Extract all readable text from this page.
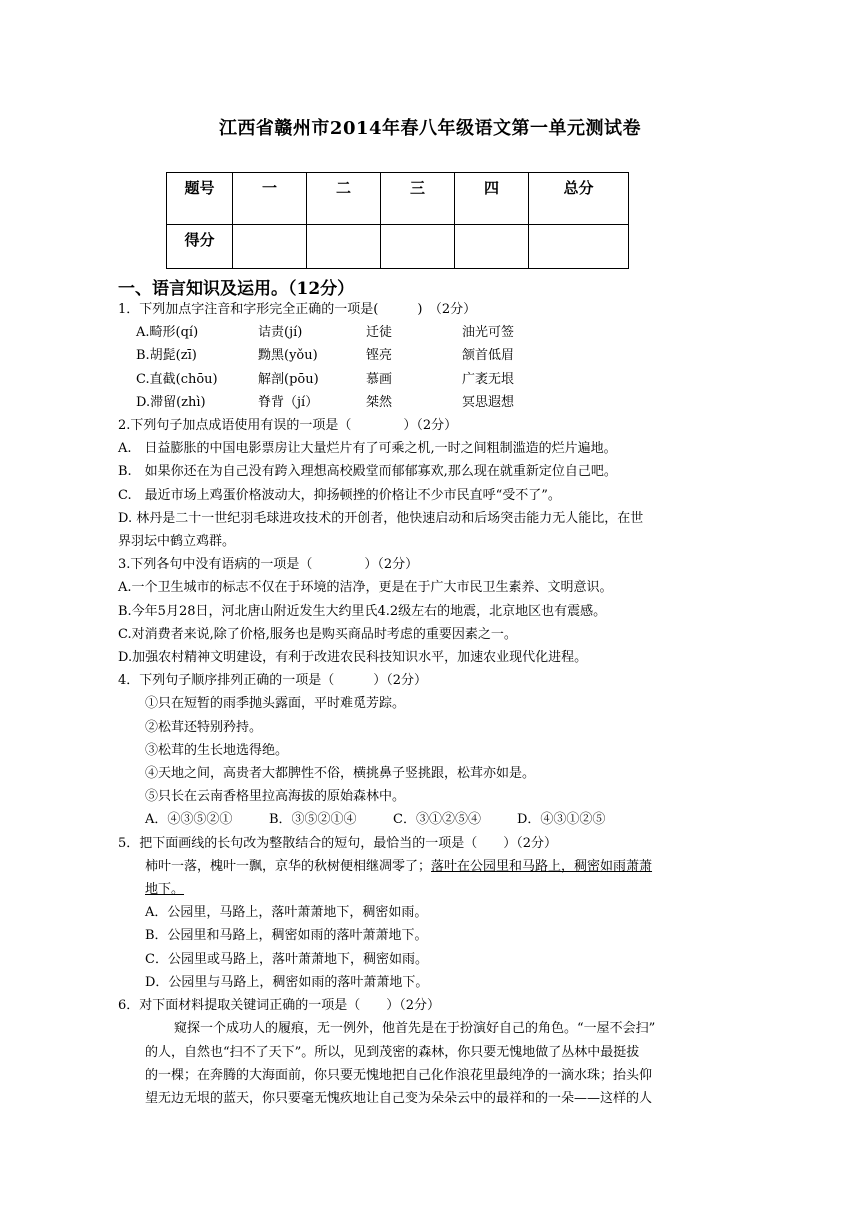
江西省赣州市2014年春八年级语文第一单元测试卷
题号	一	二	三	四	总分
得分					
一、语言知识及运用。（12分）

1．下列加点字注音和字形完全正确的一项是(　　　)　（2分）

A.畸形(qí)	诘责(jí)	迁徒	油光可签

B.胡髭(zī)	黝黑(yǒu)	铿亮	颔首低眉

C.直截(chōu)	解剖(pōu)	慕画	广袤无垠

D.滞留(zhì)	脊背（jí）	桀然	冥思遐想

2.下列句子加点成语使用有误的一项是（　　　　）（2分）

A.　日益膨胀的中国电影票房让大量烂片有了可乘之机,一时之间粗制滥造的烂片遍地。

B.　如果你还在为自己没有跨入理想高校殿堂而郁郁寡欢,那么现在就重新定位自己吧。

C.　最近市场上鸡蛋价格波动大，抑扬顿挫的价格让不少市民直呼“受不了”。

D. 林丹是二十一世纪羽毛球进攻技术的开创者，他快速启动和后场突击能力无人能比，在世

界羽坛中鹤立鸡群。

3.下列各句中没有语病的一项是（　　　　）（2分）

A.一个卫生城市的标志不仅在于环境的洁净，更是在于广大市民卫生素养、文明意识。

B.今年5月28日，河北唐山附近发生大约里氏4.2级左右的地震，北京地区也有震感。

C.对消费者来说,除了价格,服务也是购买商品时考虑的重要因素之一。

D.加强农村精神文明建设，有利于改进农民科技知识水平，加速农业现代化进程。

4．下列句子顺序排列正确的一项是（　　　）（2分）

①只在短暂的雨季抛头露面，平时难觅芳踪。

②松茸还特别矜持。

③松茸的生长地选得绝。

④天地之间，高贵者大都脾性不俗，横挑鼻子竖挑跟，松茸亦如是。

⑤只长在云南香格里拉高海拔的原始森林中。

A．④③⑤②①	B．③⑤②①④	C．③①②⑤④	D．④③①②⑤

5．把下面画线的长句改为整散结合的短句，最恰当的一项是（　　）（2分）

柿叶一落，槐叶一飘，京华的秋树便相继凋零了；落叶在公园里和马路上，稠密如雨萧萧

地下。

A．公园里，马路上，落叶萧萧地下，稠密如雨。

B．公园里和马路上，稠密如雨的落叶萧萧地下。

C．公园里或马路上，落叶萧萧地下，稠密如雨。

D．公园里与马路上，稠密如雨的落叶萧萧地下。

6．对下面材料提取关键词正确的一项是（　　）（2分）

窥探一个成功人的履痕，无一例外，他首先是在于扮演好自己的角色。“一屋不会扫”

的人，自然也“扫不了天下”。所以，见到茂密的森林，你只要无愧地做了丛林中最挺拔

的一棵；在奔腾的大海面前，你只要无愧地把自己化作浪花里最纯净的一滴水珠；抬头仰

望无边无垠的蓝天，你只要毫无愧疚地让自己变为朵朵云中的最祥和的一朵——这样的人
